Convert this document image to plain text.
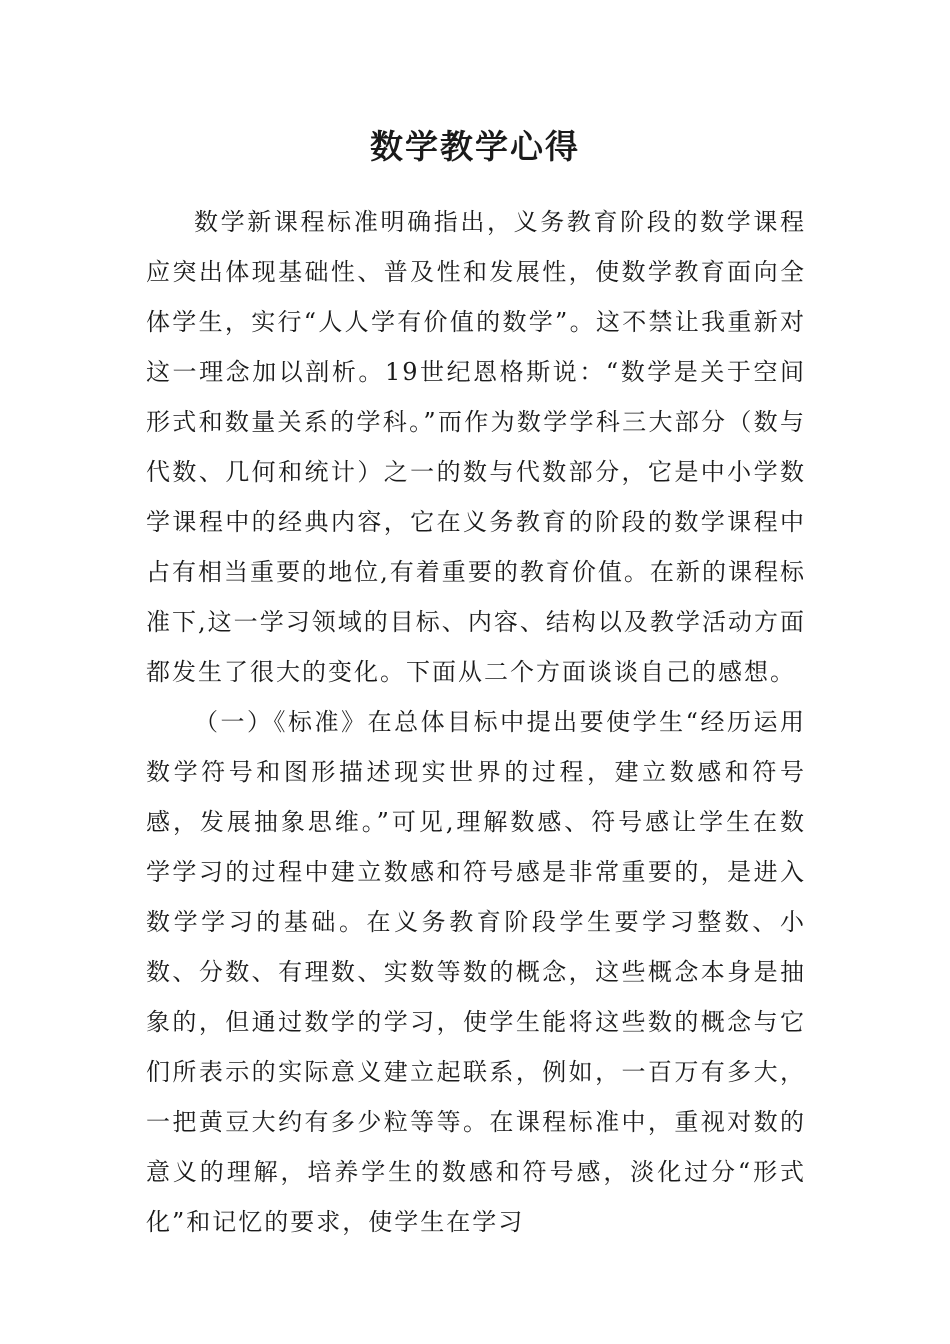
数学教学心得

数学新课程标准明确指出，义务教育阶段的数学课程应突出体现基础性、普及性和发展性，使数学教育面向全体学生，实行“人人学有价值的数学”。这不禁让我重新对这一理念加以剖析。19世纪恩格斯说：“数学是关于空间形式和数量关系的学科。”而作为数学学科三大部分（数与代数、几何和统计）之一的数与代数部分，它是中小学数学课程中的经典内容，它在义务教育的阶段的数学课程中占有相当重要的地位,有着重要的教育价值。在新的课程标准下,这一学习领域的目标、内容、结构以及教学活动方面都发生了很大的变化。下面从二个方面谈谈自己的感想。

（一）《标准》在总体目标中提出要使学生“经历运用数学符号和图形描述现实世界的过程，建立数感和符号感，发展抽象思维。”可见,理解数感、符号感让学生在数学学习的过程中建立数感和符号感是非常重要的，是进入数学学习的基础。在义务教育阶段学生要学习整数、小数、分数、有理数、实数等数的概念，这些概念本身是抽象的，但通过数学的学习，使学生能将这些数的概念与它们所表示的实际意义建立起联系，例如，一百万有多大，一把黄豆大约有多少粒等等。在课程标准中，重视对数的意义的理解，培养学生的数感和符号感，淡化过分“形式化”和记忆的要求，使学生在学习
